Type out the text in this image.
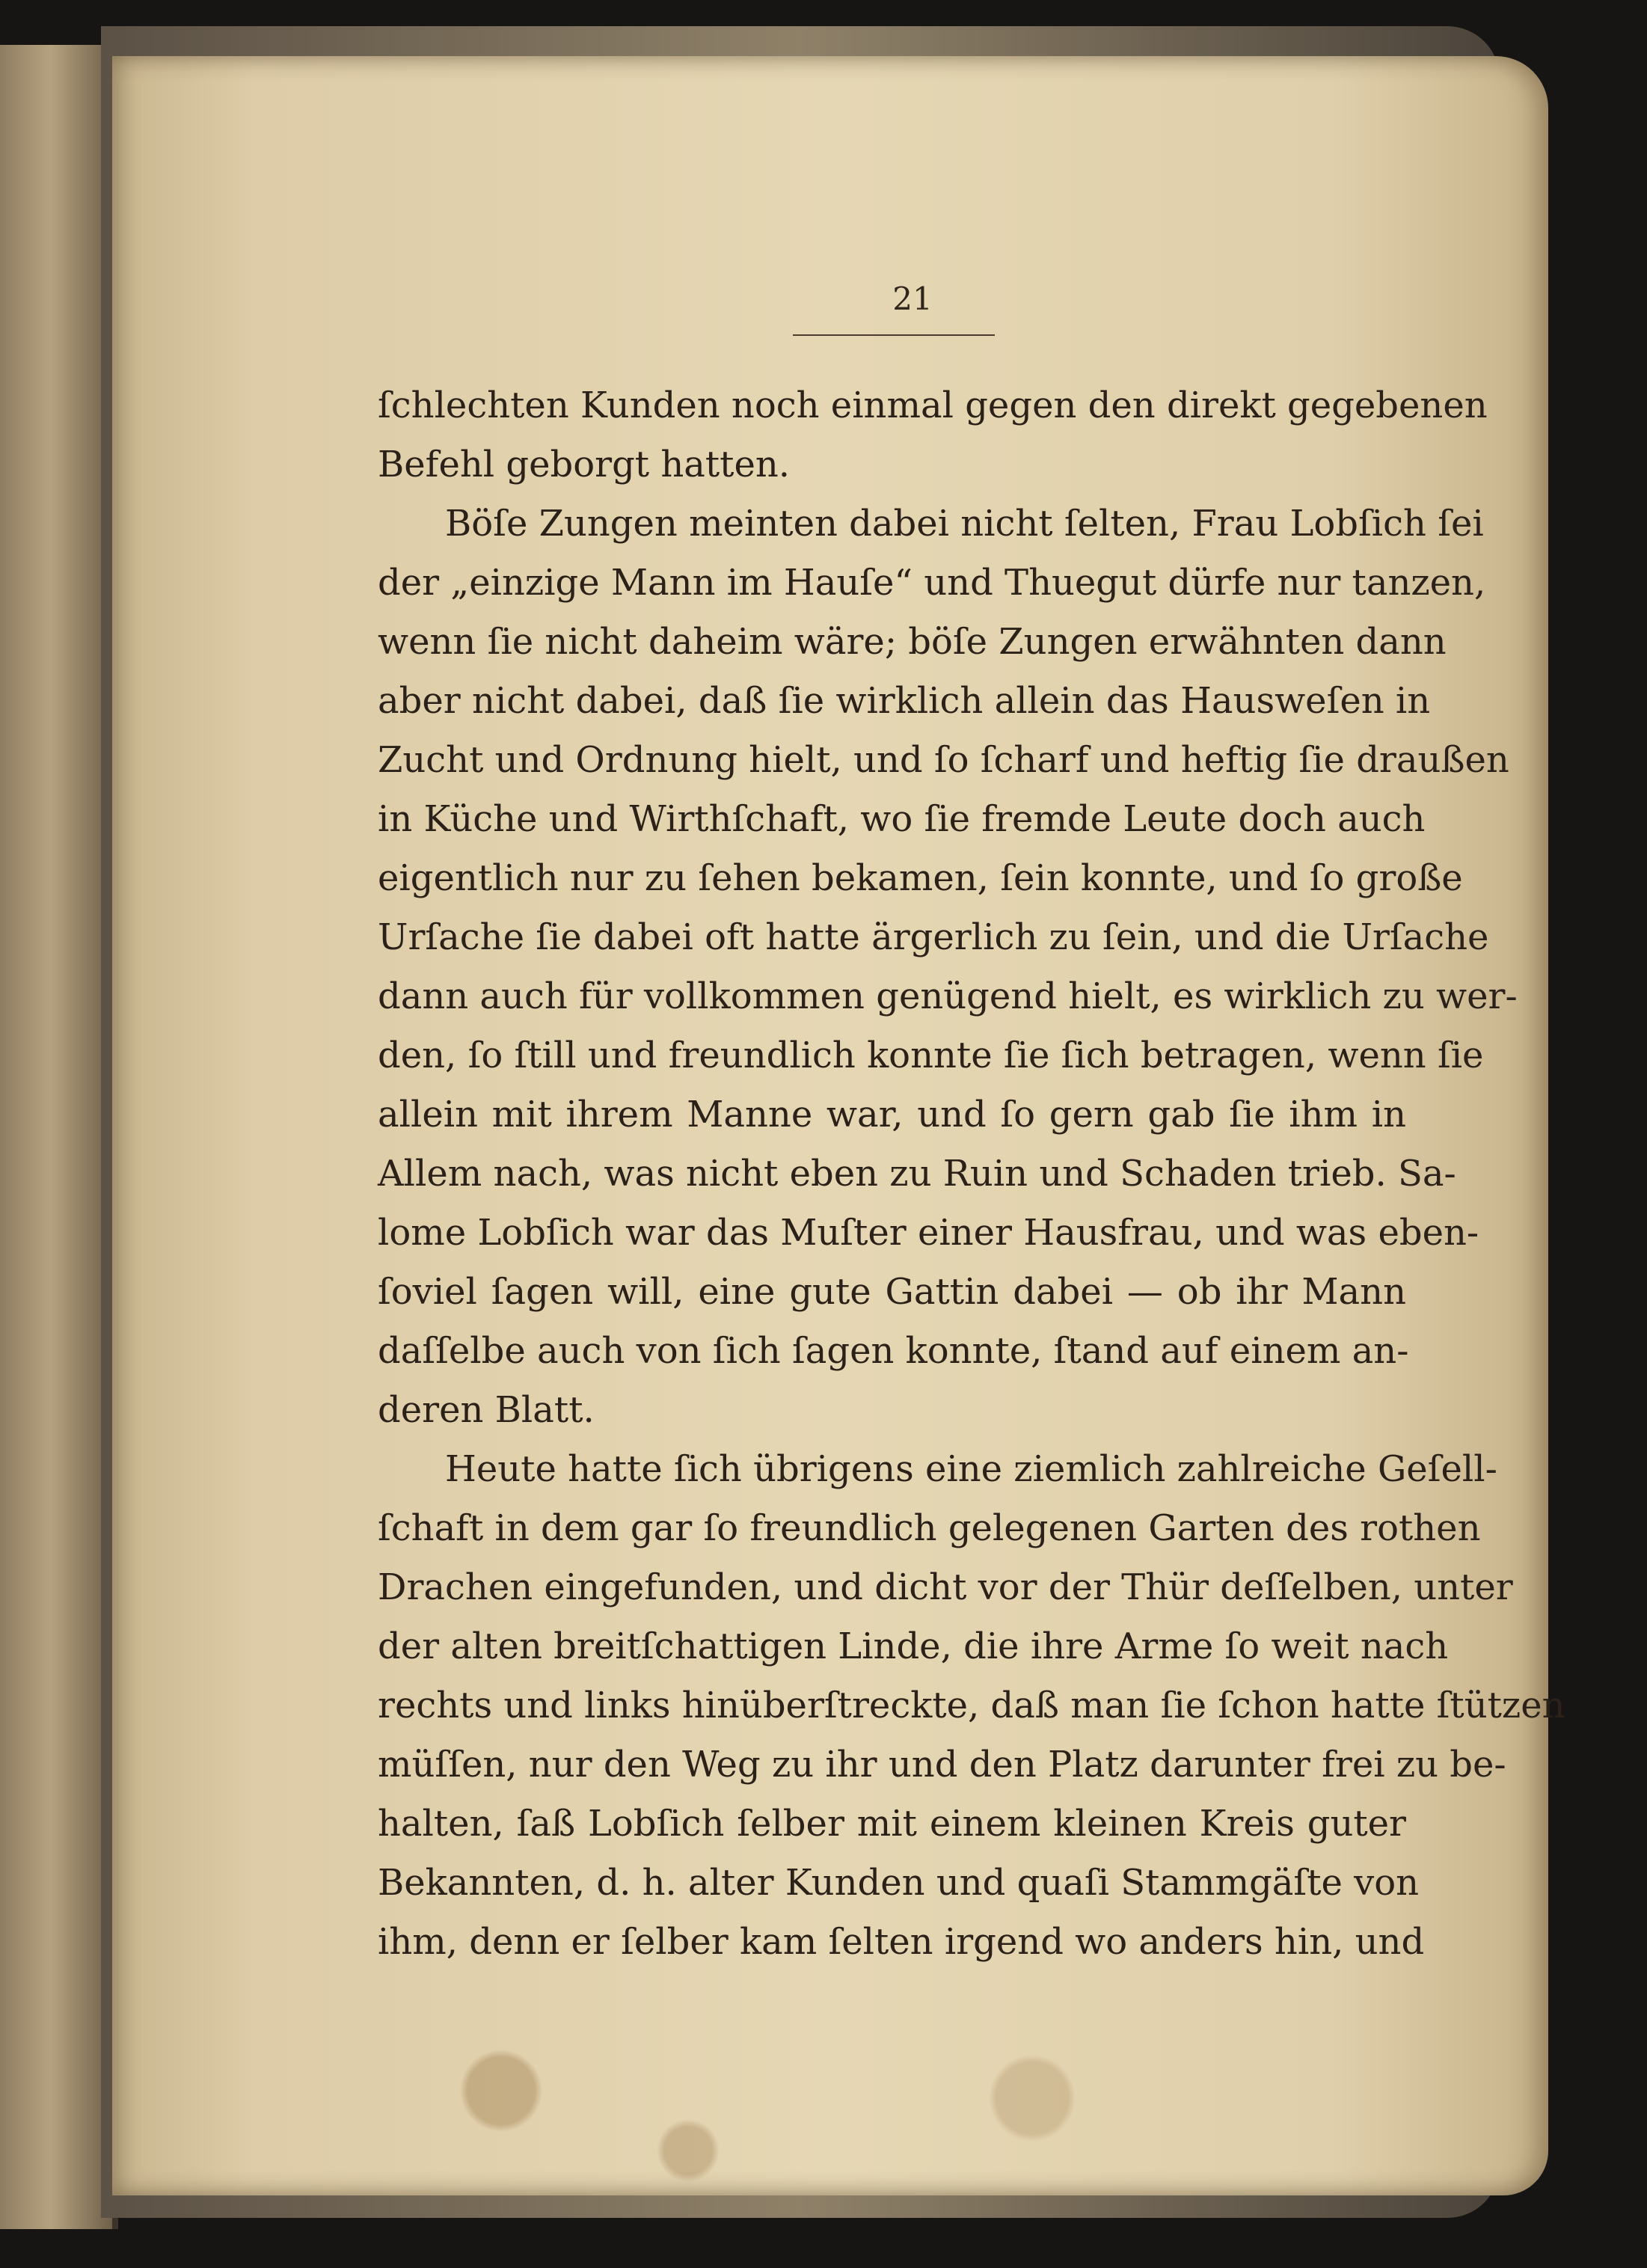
21
ſchlechten Kunden noch einmal gegen den direkt gegebenen
Befehl geborgt hatten.
Böſe Zungen meinten dabei nicht ſelten, Frau Lobſich ſei
der „einzige Mann im Hauſe“ und Thuegut dürfe nur tanzen,
wenn ſie nicht daheim wäre; böſe Zungen erwähnten dann
aber nicht dabei, daß ſie wirklich allein das Hausweſen in
Zucht und Ordnung hielt, und ſo ſcharf und heftig ſie draußen
in Küche und Wirthſchaft, wo ſie fremde Leute doch auch
eigentlich nur zu ſehen bekamen, ſein konnte, und ſo große
Urſache ſie dabei oft hatte ärgerlich zu ſein, und die Urſache
dann auch für vollkommen genügend hielt, es wirklich zu wer-
den, ſo ſtill und freundlich konnte ſie ſich betragen, wenn ſie
allein mit ihrem Manne war, und ſo gern gab ſie ihm in
Allem nach, was nicht eben zu Ruin und Schaden trieb. Sa-
lome Lobſich war das Muſter einer Hausfrau, und was eben-
ſoviel ſagen will, eine gute Gattin dabei — ob ihr Mann
daſſelbe auch von ſich ſagen konnte, ſtand auf einem an-
deren Blatt.
Heute hatte ſich übrigens eine ziemlich zahlreiche Geſell-
ſchaft in dem gar ſo freundlich gelegenen Garten des rothen
Drachen eingefunden, und dicht vor der Thür deſſelben, unter
der alten breitſchattigen Linde, die ihre Arme ſo weit nach
rechts und links hinüberſtreckte, daß man ſie ſchon hatte ſtützen
müſſen, nur den Weg zu ihr und den Platz darunter frei zu be-
halten, ſaß Lobſich ſelber mit einem kleinen Kreis guter
Bekannten, d. h. alter Kunden und quaſi Stammgäſte von
ihm, denn er ſelber kam ſelten irgend wo anders hin, und
